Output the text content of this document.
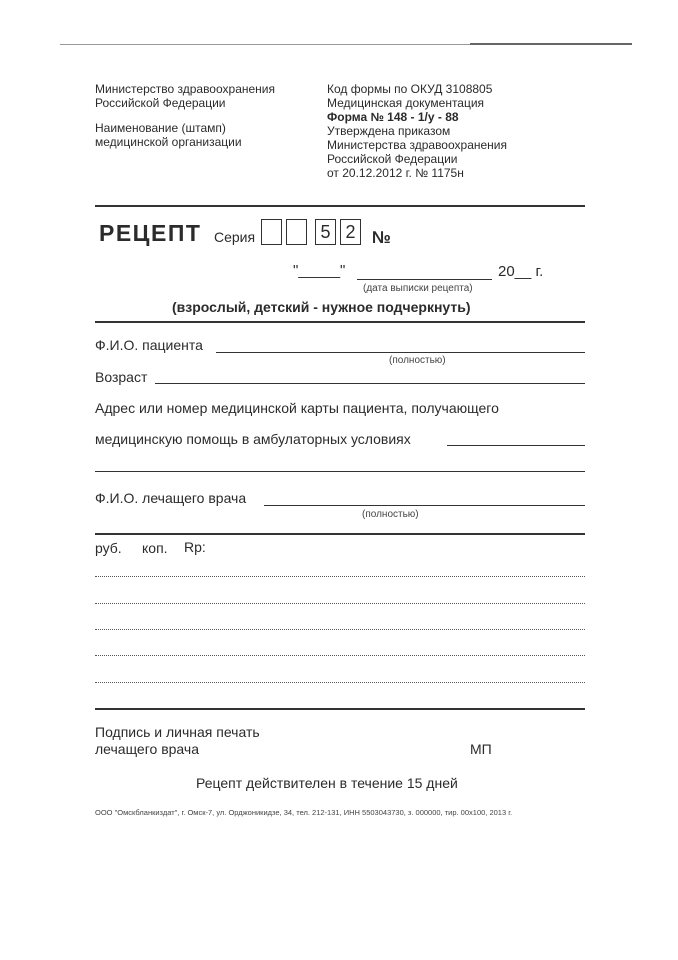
Министерство здравоохранения
Российской Федерации
Наименование (штамп)
медицинской организации
Код формы по ОКУД 3108805
Медицинская документация
Форма № 148 - 1/у - 88
Утверждена приказом
Министерства здравоохранения
Российской Федерации
от 20.12.2012 г. № 1175н
РЕЦЕПТ Серия	5 2 №
"_____"	20__ г.
(дата выписки рецепта)
(взрослый, детский - нужное подчеркнуть)
Ф.И.О. пациента
(полностью)
Возраст
Адрес или номер медицинской карты пациента, получающего
медицинскую помощь в амбулаторных условиях
Ф.И.О. лечащего врача
(полностью)
руб. коп. Rp:
Подпись и личная печать
лечащего врача	МП
Рецепт действителен в течение 15 дней
ООО "Омскбланкиздат", г. Омск-7, ул. Орджоникидзе, 34, тел. 212-131, ИНН 5503043730, з. 000000, тир. 00х100, 2013 г.
